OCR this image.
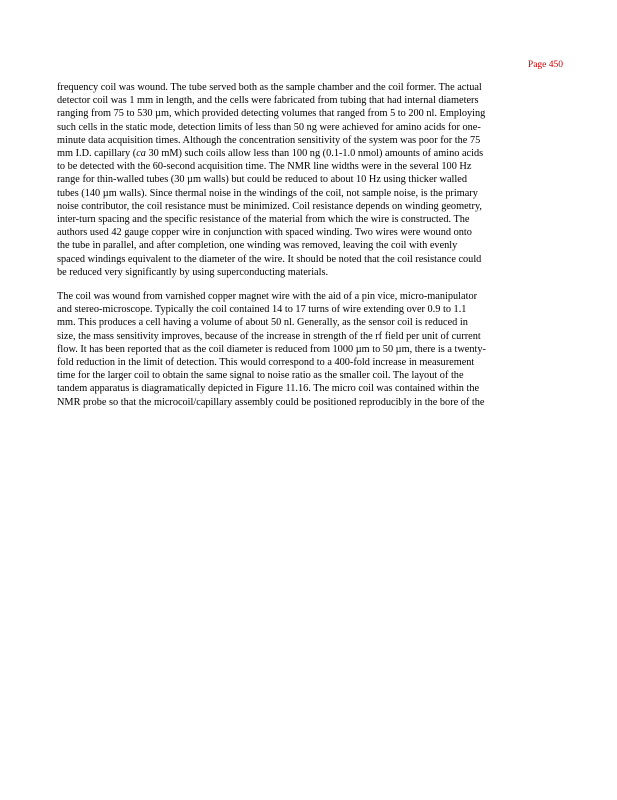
Page 450

frequency coil was wound. The tube served both as the sample chamber and the coil former. The actual
detector coil was 1 mm in length, and the cells were fabricated from tubing that had internal diameters
ranging from 75 to 530 µm, which provided detecting volumes that ranged from 5 to 200 nl. Employing
such cells in the static mode, detection limits of less than 50 ng were achieved for amino acids for one-
minute data acquisition times. Although the concentration sensitivity of the system was poor for the 75
mm I.D. capillary (ca 30 mM) such coils allow less than 100 ng (0.1-1.0 nmol) amounts of amino acids
to be detected with the 60-second acquisition time. The NMR line widths were in the several 100 Hz
range for thin-walled tubes (30 µm walls) but could be reduced to about 10 Hz using thicker walled
tubes (140 µm walls). Since thermal noise in the windings of the coil, not sample noise, is the primary
noise contributor, the coil resistance must be minimized. Coil resistance depends on winding geometry,
inter-turn spacing and the specific resistance of the material from which the wire is constructed. The
authors used 42 gauge copper wire in conjunction with spaced winding. Two wires were wound onto
the tube in parallel, and after completion, one winding was removed, leaving the coil with evenly
spaced windings equivalent to the diameter of the wire. It should be noted that the coil resistance could
be reduced very significantly by using superconducting materials.

The coil was wound from varnished copper magnet wire with the aid of a pin vice, micro-manipulator
and stereo-microscope. Typically the coil contained 14 to 17 turns of wire extending over 0.9 to 1.1
mm. This produces a cell having a volume of about 50 nl. Generally, as the sensor coil is reduced in
size, the mass sensitivity improves, because of the increase in strength of the rf field per unit of current
flow. It has been reported that as the coil diameter is reduced from 1000 µm to 50 µm, there is a twenty-
fold reduction in the limit of detection. This would correspond to a 400-fold increase in measurement
time for the larger coil to obtain the same signal to noise ratio as the smaller coil. The layout of the
tandem apparatus is diagramatically depicted in Figure 11.16. The micro coil was contained within the
NMR probe so that the microcoil/capillary assembly could be positioned reproducibly in the bore of the
